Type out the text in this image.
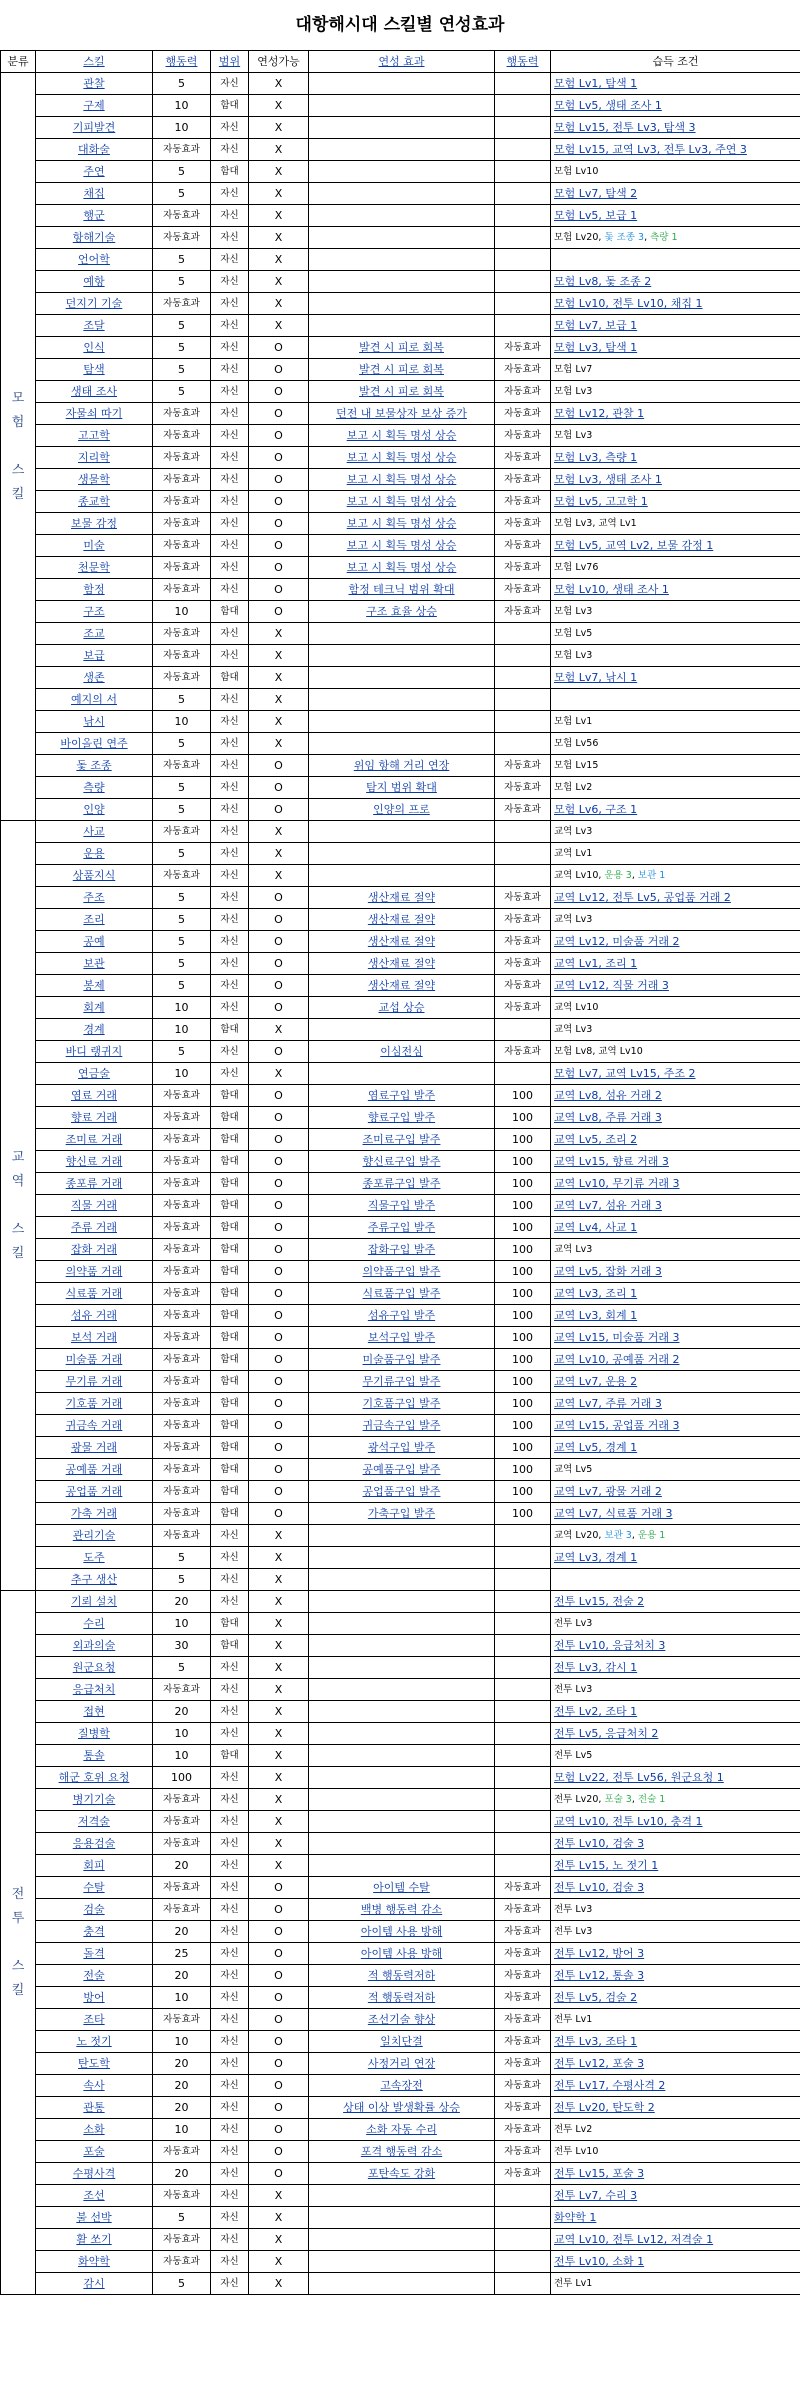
대항해시대 스킬별 연성효과
분류	스킬	행동력	범위	연성가능	연성 효과	행동력	습득 조건
모
험

스
킬	관찰	5	자신	X			모험 Lv1, 탐색 1
	구제	10	함대	X			모험 Lv5, 생태 조사 1
	기피발견	10	자신	X			모험 Lv15, 전투 Lv3, 탐색 3
	대화술	자동효과	자신	X			모험 Lv15, 교역 Lv3, 전투 Lv3, 주연 3
	주연	5	함대	X			모험 Lv10
	채집	5	자신	X			모험 Lv7, 탐색 2
	행군	자동효과	자신	X			모험 Lv5, 보급 1
	항해기술	자동효과	자신	X			모험 Lv20, 돛 조종 3, 측량 1
	언어학	5	자신	X			
	예항	5	자신	X			모험 Lv8, 돛 조종 2
	던지기 기술	자동효과	자신	X			모험 Lv10, 전투 Lv10, 채집 1
	조달	5	자신	X			모험 Lv7, 보급 1
	인식	5	자신	O	발견 시 피로 회복	자동효과	모험 Lv3, 탐색 1
	탐색	5	자신	O	발견 시 피로 회복	자동효과	모험 Lv7
	생태 조사	5	자신	O	발견 시 피로 회복	자동효과	모험 Lv3
	자물쇠 따기	자동효과	자신	O	던전 내 보물상자 보상 증가	자동효과	모험 Lv12, 관찰 1
	고고학	자동효과	자신	O	보고 시 획득 명성 상승	자동효과	모험 Lv3
	지리학	자동효과	자신	O	보고 시 획득 명성 상승	자동효과	모험 Lv3, 측량 1
	생물학	자동효과	자신	O	보고 시 획득 명성 상승	자동효과	모험 Lv3, 생태 조사 1
	종교학	자동효과	자신	O	보고 시 획득 명성 상승	자동효과	모험 Lv5, 고고학 1
	보물 감정	자동효과	자신	O	보고 시 획득 명성 상승	자동효과	모험 Lv3, 교역 Lv1
	미술	자동효과	자신	O	보고 시 획득 명성 상승	자동효과	모험 Lv5, 교역 Lv2, 보물 감정 1
	천문학	자동효과	자신	O	보고 시 획득 명성 상승	자동효과	모험 Lv76
	함정	자동효과	자신	O	함정 테크닉 범위 확대	자동효과	모험 Lv10, 생태 조사 1
	구조	10	함대	O	구조 효율 상승	자동효과	모험 Lv3
	조교	자동효과	자신	X			모험 Lv5
	보급	자동효과	자신	X			모험 Lv3
	생존	자동효과	함대	X			모험 Lv7, 낚시 1
	예지의 서	5	자신	X			
	낚시	10	자신	X			모험 Lv1
	바이올린 연주	5	자신	X			모험 Lv56
	돛 조종	자동효과	자신	O	위임 항해 거리 연장	자동효과	모험 Lv15
	측량	5	자신	O	탐지 범위 확대	자동효과	모험 Lv2
	인양	5	자신	O	인양의 프로	자동효과	모험 Lv6, 구조 1
교
역

스
킬	사교	자동효과	자신	X			교역 Lv3
	운용	5	자신	X			교역 Lv1
	상품지식	자동효과	자신	X			교역 Lv10, 운용 3, 보관 1
	주조	5	자신	O	생산재료 절약	자동효과	교역 Lv12, 전투 Lv5, 공업품 거래 2
	조리	5	자신	O	생산재료 절약	자동효과	교역 Lv3
	공예	5	자신	O	생산재료 절약	자동효과	교역 Lv12, 미술품 거래 2
	보관	5	자신	O	생산재료 절약	자동효과	교역 Lv1, 조리 1
	봉제	5	자신	O	생산재료 절약	자동효과	교역 Lv12, 직물 거래 3
	회계	10	자신	O	교섭 상승	자동효과	교역 Lv10
	경계	10	함대	X			교역 Lv3
	바디 랭귀지	5	자신	O	이심전심	자동효과	모험 Lv8, 교역 Lv10
	연금술	10	자신	X			모험 Lv7, 교역 Lv15, 주조 2
	염료 거래	자동효과	함대	O	염료구입 발주	100	교역 Lv8, 섬유 거래 2
	향료 거래	자동효과	함대	O	향료구입 발주	100	교역 Lv8, 주류 거래 3
	조미료 거래	자동효과	함대	O	조미료구입 발주	100	교역 Lv5, 조리 2
	향신료 거래	자동효과	함대	O	향신료구입 발주	100	교역 Lv15, 향료 거래 3
	종포류 거래	자동효과	함대	O	종포류구입 발주	100	교역 Lv10, 무기류 거래 3
	직물 거래	자동효과	함대	O	직물구입 발주	100	교역 Lv7, 섬유 거래 3
	주류 거래	자동효과	함대	O	주류구입 발주	100	교역 Lv4, 사교 1
	잡화 거래	자동효과	함대	O	잡화구입 발주	100	교역 Lv3
	의약품 거래	자동효과	함대	O	의약품구입 발주	100	교역 Lv5, 잡화 거래 3
	식료품 거래	자동효과	함대	O	식료품구입 발주	100	교역 Lv3, 조리 1
	섬유 거래	자동효과	함대	O	섬유구입 발주	100	교역 Lv3, 회계 1
	보석 거래	자동효과	함대	O	보석구입 발주	100	교역 Lv15, 미술품 거래 3
	미술품 거래	자동효과	함대	O	미술품구입 발주	100	교역 Lv10, 공예품 거래 2
	무기류 거래	자동효과	함대	O	무기류구입 발주	100	교역 Lv7, 운용 2
	기호품 거래	자동효과	함대	O	기호품구입 발주	100	교역 Lv7, 주류 거래 3
	귀금속 거래	자동효과	함대	O	귀금속구입 발주	100	교역 Lv15, 공업품 거래 3
	광물 거래	자동효과	함대	O	광석구입 발주	100	교역 Lv5, 경계 1
	공예품 거래	자동효과	함대	O	공예품구입 발주	100	교역 Lv5
	공업품 거래	자동효과	함대	O	공업품구입 발주	100	교역 Lv7, 광물 거래 2
	가축 거래	자동효과	함대	O	가축구입 발주	100	교역 Lv7, 식료품 거래 3
	관리기술	자동효과	자신	X			교역 Lv20, 보관 3, 운용 1
	도주	5	자신	X			교역 Lv3, 경계 1
	추구 생산	5	자신	X			
전
투

스
킬	기뢰 설치	20	자신	X			전투 Lv15, 전술 2
	수리	10	함대	X			전투 Lv3
	외과의술	30	함대	X			전투 Lv10, 응급처치 3
	원군요청	5	자신	X			전투 Lv3, 감시 1
	응급처치	자동효과	자신	X			전투 Lv3
	접현	20	자신	X			전투 Lv2, 조타 1
	질병학	10	자신	X			전투 Lv5, 응급처치 2
	통솔	10	함대	X			전투 Lv5
	해군 호위 요청	100	자신	X			모험 Lv22, 전투 Lv56, 원군요청 1
	병기기술	자동효과	자신	X			전투 Lv20, 포술 3, 전술 1
	저격술	자동효과	자신	X			교역 Lv10, 전투 Lv10, 충격 1
	응용검술	자동효과	자신	X			전투 Lv10, 검술 3
	회피	20	자신	X			전투 Lv15, 노 젓기 1
	수탈	자동효과	자신	O	아이템 수탈	자동효과	전투 Lv10, 검술 3
	검술	자동효과	자신	O	백병 행동력 감소	자동효과	전투 Lv3
	충격	20	자신	O	아이템 사용 방해	자동효과	전투 Lv3
	돌격	25	자신	O	아이템 사용 방해	자동효과	전투 Lv12, 방어 3
	전술	20	자신	O	적 행동력저하	자동효과	전투 Lv12, 통솔 3
	방어	10	자신	O	적 행동력저하	자동효과	전투 Lv5, 검술 2
	조타	자동효과	자신	O	조선기술 향상	자동효과	전투 Lv1
	노 젓기	10	자신	O	일치단결	자동효과	전투 Lv3, 조타 1
	탄도학	20	자신	O	사정거리 연장	자동효과	전투 Lv12, 포술 3
	속사	20	자신	O	고속장전	자동효과	전투 Lv17, 수평사격 2
	관통	20	자신	O	상태 이상 발생확률 상승	자동효과	전투 Lv20, 탄도학 2
	소화	10	자신	O	소화 자동 수리	자동효과	전투 Lv2
	포술	자동효과	자신	O	포격 행동력 감소	자동효과	전투 Lv10
	수평사격	20	자신	O	포탄속도 강화	자동효과	전투 Lv15, 포술 3
	조선	자동효과	자신	X			전투 Lv7, 수리 3
	불 선박	5	자신	X			화약학 1
	활 쏘기	자동효과	자신	X			교역 Lv10, 전투 Lv12, 저격술 1
	화약학	자동효과	자신	X			전투 Lv10, 소화 1
	감시	5	자신	X			전투 Lv1
